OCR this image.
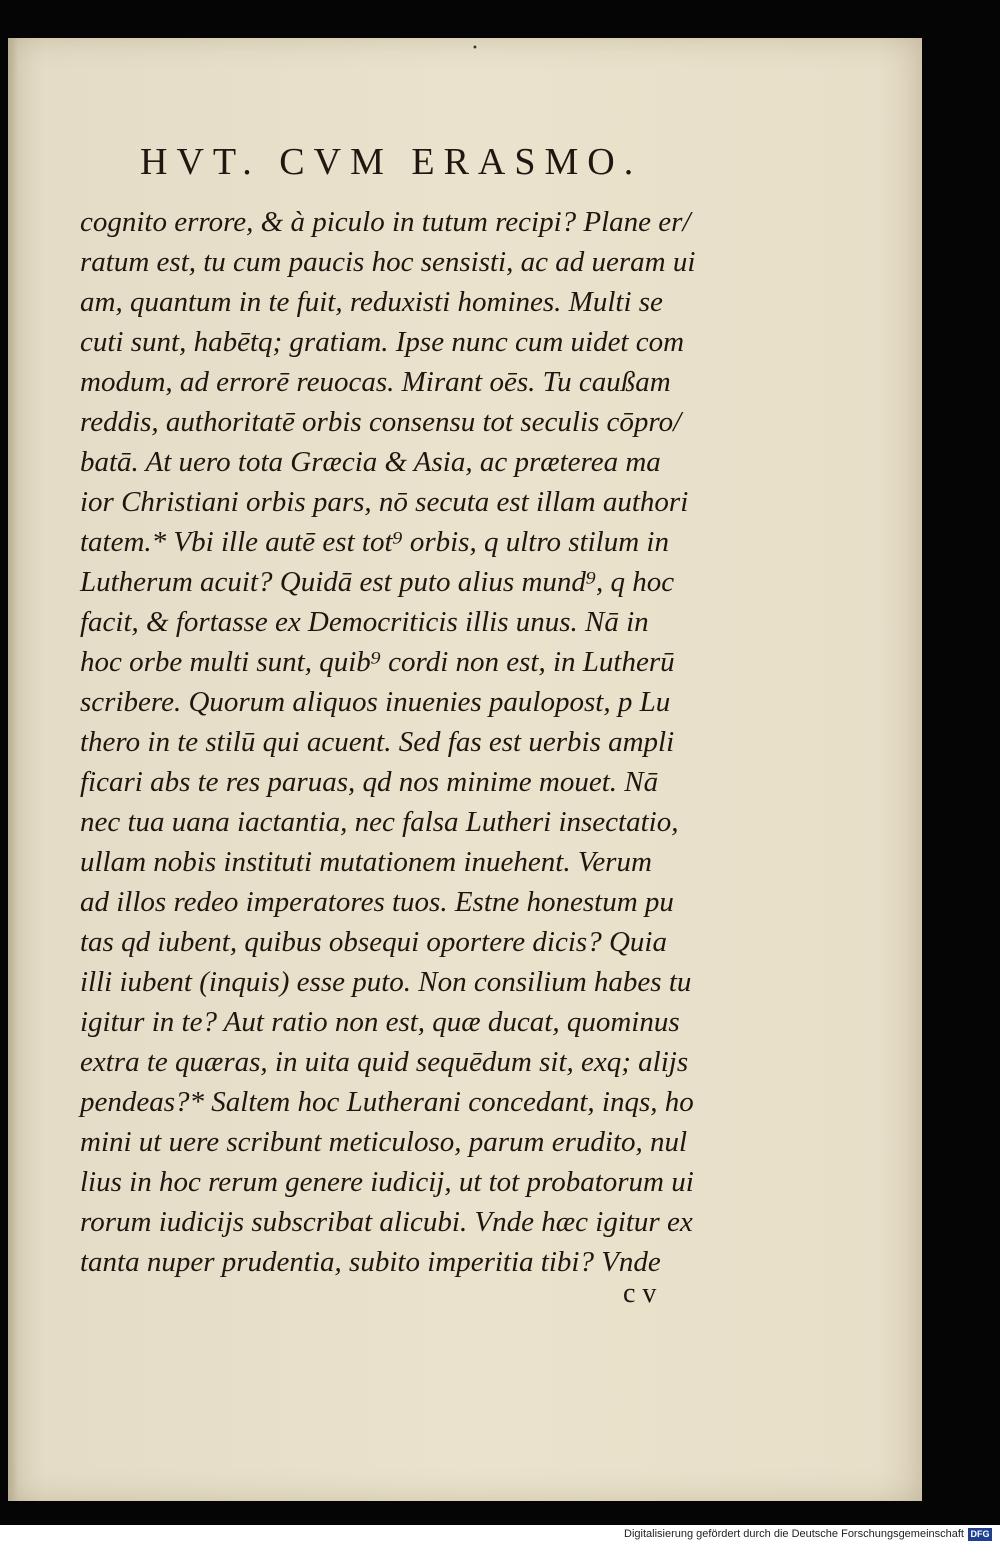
•
HVT. CVM ERASMO.
cognito errore, & à piculo in tutum recipi? Plane er/
ratum est, tu cum paucis hoc sensisti, ac ad ueram ui
am, quantum in te fuit, reduxisti homines. Multi se
cuti sunt, habētq; gratiam. Ipse nunc cum uidet com
modum, ad errorē reuocas. Mirant oēs. Tu caußam
reddis, authoritatē orbis consensu tot seculis cōpro/
batā. At uero tota Græcia & Asia, ac præterea ma
ior Christiani orbis pars, nō secuta est illam authori
tatem.* Vbi ille autē est tot⁹ orbis, q ultro stilum in
Lutherum acuit? Quidā est puto alius mund⁹, q hoc
facit, & fortasse ex Democriticis illis unus. Nā in
hoc orbe multi sunt, quib⁹ cordi non est, in Lutherū
scribere. Quorum aliquos inuenies paulopost, p Lu
thero in te stilū qui acuent. Sed fas est uerbis ampli
ficari abs te res paruas, qd nos minime mouet. Nā
nec tua uana iactantia, nec falsa Lutheri insectatio,
ullam nobis instituti mutationem inuehent. Verum
ad illos redeo imperatores tuos. Estne honestum pu
tas qd iubent, quibus obsequi oportere dicis? Quia
illi iubent (inquis) esse puto. Non consilium habes tu
igitur in te? Aut ratio non est, quæ ducat, quominus
extra te quæras, in uita quid sequēdum sit, exq; alijs
pendeas?* Saltem hoc Lutherani concedant, inqs, ho
mini ut uere scribunt meticuloso, parum erudito, nul
lius in hoc rerum genere iudicij, ut tot probatorum ui
rorum iudicijs subscribat alicubi. Vnde hæc igitur ex
tanta nuper prudentia, subito imperitia tibi? Vnde
c v
Digitalisierung gefördert durch die Deutsche Forschungsgemeinschaft DFG
